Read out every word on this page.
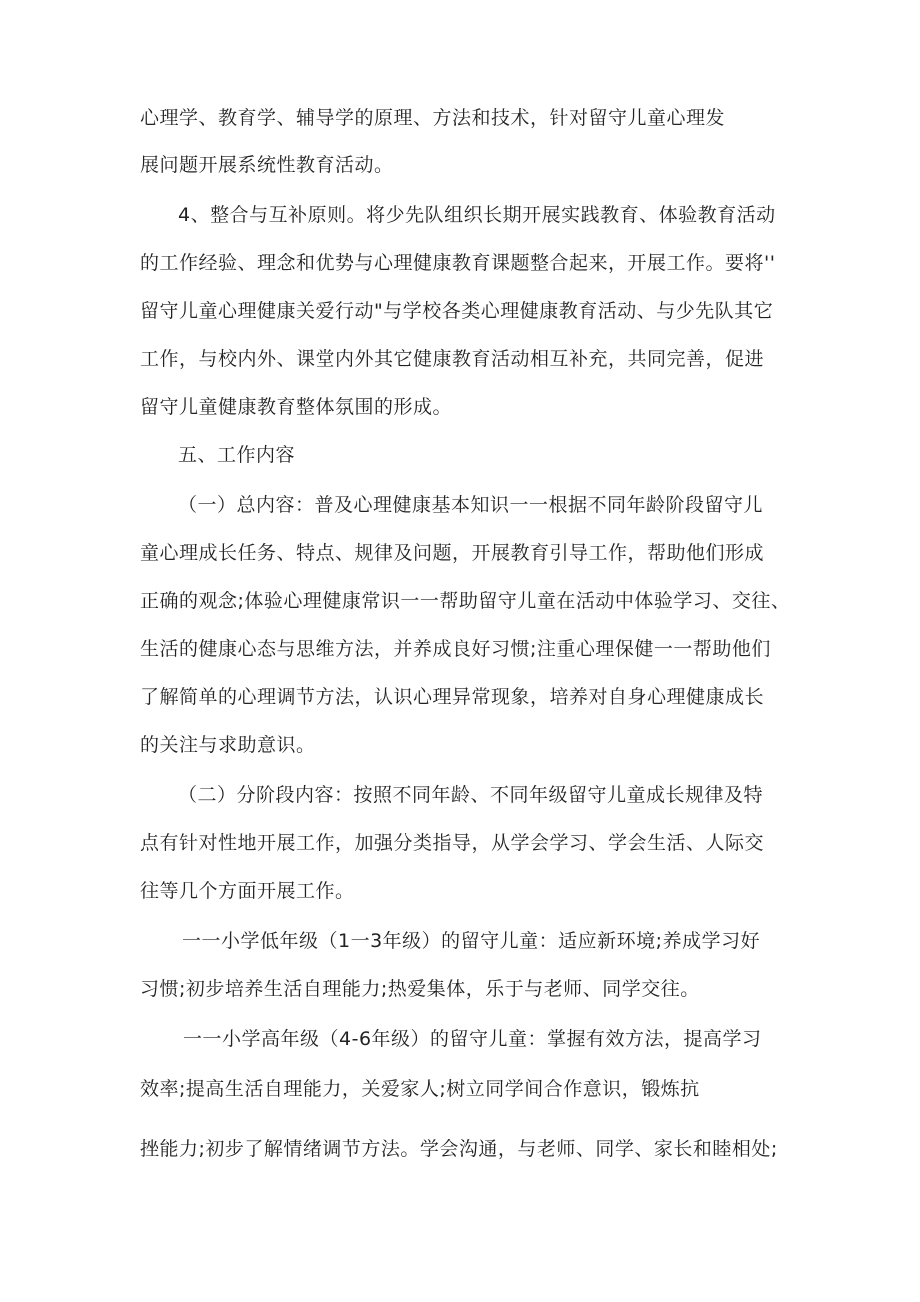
心理学、教育学、辅导学的原理、方法和技术，针对留守儿童心理发
展问题开展系统性教育活动。
4、整合与互补原则。将少先队组织长期开展实践教育、体验教育活动
的工作经验、理念和优势与心理健康教育课题整合起来，开展工作。要将''
留守儿童心理健康关爱行动"与学校各类心理健康教育活动、与少先队其它
工作，与校内外、课堂内外其它健康教育活动相互补充，共同完善，促进
留守儿童健康教育整体氛围的形成。
五、工作内容
（一）总内容：普及心理健康基本知识一一根据不同年龄阶段留守儿
童心理成长任务、特点、规律及问题，开展教育引导工作，帮助他们形成
正确的观念;体验心理健康常识一一帮助留守儿童在活动中体验学习、交往、
生活的健康心态与思维方法，并养成良好习惯;注重心理保健一一帮助他们
了解简单的心理调节方法，认识心理异常现象，培养对自身心理健康成长
的关注与求助意识。
（二）分阶段内容：按照不同年龄、不同年级留守儿童成长规律及特
点有针对性地开展工作，加强分类指导，从学会学习、学会生活、人际交
往等几个方面开展工作。
一一小学低年级（1一3年级）的留守儿童：适应新环境;养成学习好
习惯;初步培养生活自理能力;热爱集体，乐于与老师、同学交往。
一一小学高年级（4-6年级）的留守儿童：掌握有效方法，提高学习
效率;提高生活自理能力，关爱家人;树立同学间合作意识，锻炼抗
挫能力;初步了解情绪调节方法。学会沟通，与老师、同学、家长和睦相处;
